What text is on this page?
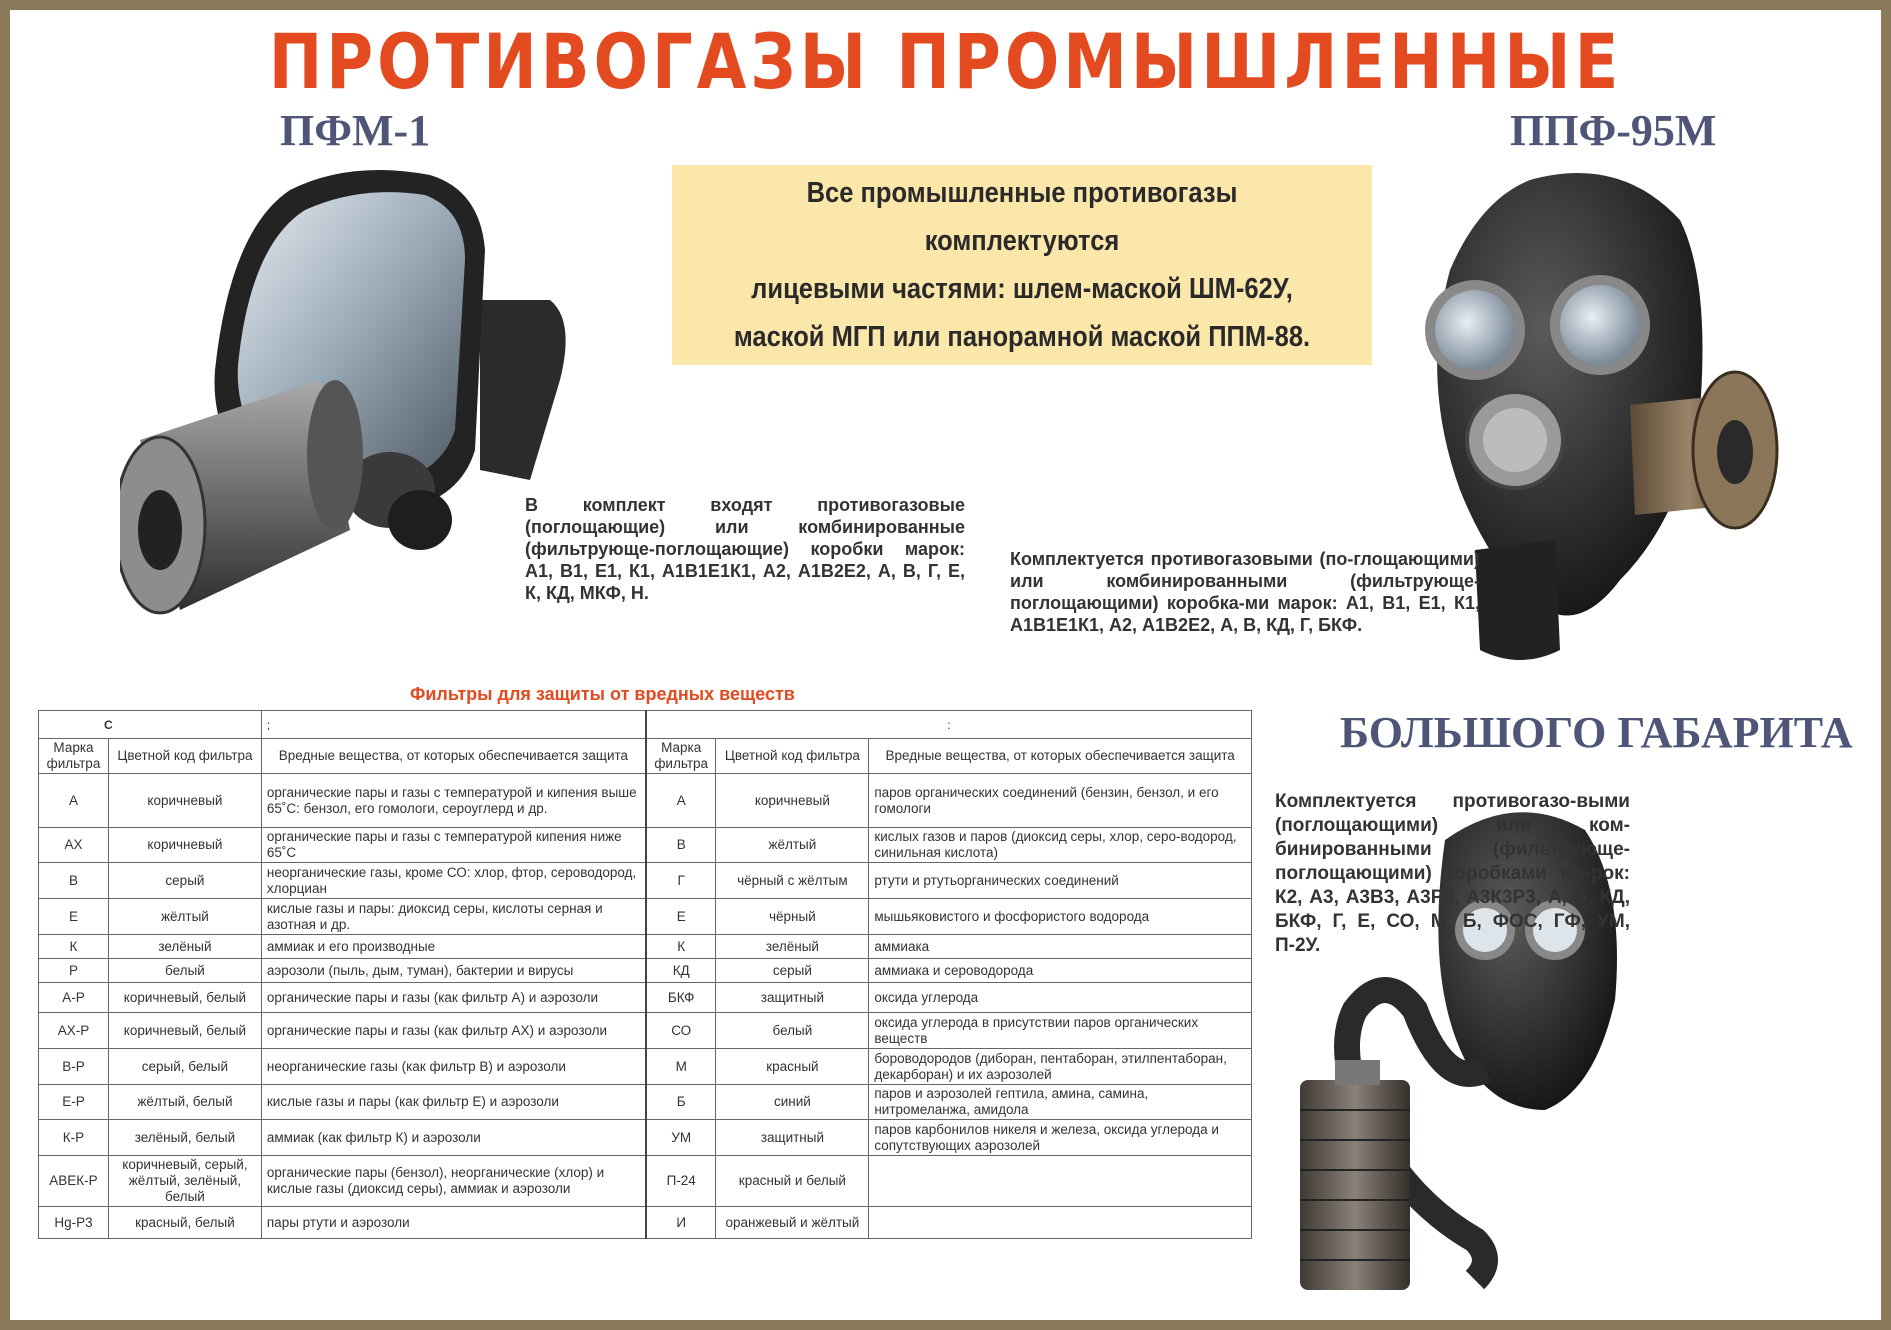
ПРОТИВОГАЗЫ ПРОМЫШЛЕННЫЕ
ПФМ-1	ППФ-95М
БОЛЬШОГО ГАБАРИТА
Все промышленные противогазы комплектуются
лицевыми частями: шлем-маской ШМ-62У,
маской МГП или панорамной маской ППМ-88.
В комплект входят противогазовые (поглощающие) или комбинированные (фильтрующе-поглощающие) коробки марок: А1, В1, Е1, К1, А1В1Е1К1, А2, А1В2Е2, А, В, Г, Е, К, КД, МКФ, Н.
Комплектуется противогазовыми (по-глощающими) или комбинированными (фильтрующе-поглощающими) коробка-ми марок: А1, В1, Е1, К1, А1В1Е1К1, А2, А1В2Е2, А, В, КД, Г, БКФ.
Комплектуется противогазо-выми (поглощающими) или ком-бинированными (фильтрующе-поглощающими) коробками ма-рок: К2, А3, А3В3, А3Р3, А3К3Р3, А, В, КД, БКФ, Г, Е, СО, М, Б, ФОС, ГФ, УМ, П-2У.
Фильтры для защиты от вредных веществ
С		;	:		
Марка фильтра	Цветной код фильтра	Вредные вещества, от которых обеспечивается защита	Марка фильтра	Цветной код фильтра	Вредные вещества, от которых обеспечивается защита
А	коричневый	органические пары и газы с температурой и кипения выше 65˚С: бензол, его гомологи, сероуглерд и др.	А	коричневый	паров органических соединений (бензин, бензол, и его гомологи
АХ	коричневый	органические пары и газы с температурой кипения ниже 65˚С	В	жёлтый	кислых газов и паров (диоксид серы, хлор, серо-водород, синильная кислота)
В	серый	неорганические газы, кроме СО: хлор, фтор, сероводород, хлорциан	Г	чёрный с жёлтым	ртути и ртутьорганических соединений
Е	жёлтый	кислые газы и пары: диоксид серы, кислоты серная и азотная и др.	Е	чёрный	мышьяковистого и фосфористого водорода
К	зелёный	аммиак и его производные	К	зелёный	аммиака
Р	белый	аэрозоли (пыль, дым, туман), бактерии и вирусы	КД	серый	аммиака и сероводорода
А-Р	коричневый, белый	органические пары и газы (как фильтр А) и аэрозоли	БКФ	защитный	оксида углерода
АХ-Р	коричневый, белый	органические пары и газы (как фильтр АХ) и аэрозоли	СО	белый	оксида углерода в присутствии паров органических веществ
В-Р	серый, белый	неорганические газы (как фильтр В) и аэрозоли	М	красный	бороводородов (диборан, пентаборан, этилпентаборан, декарборан) и их аэрозолей
Е-Р	жёлтый, белый	кислые газы и пары (как фильтр Е) и аэрозоли	Б	синий	паров и аэрозолей гептила, амина, самина, нитромеланжа, амидола
К-Р	зелёный, белый	аммиак (как фильтр К) и аэрозоли	УМ	защитный	паров карбонилов никеля и железа, оксида углерода и сопутствующих аэрозолей
АВЕК-Р	коричневый, серый, жёлтый, зелёный, белый	органические пары (бензол), неорганические (хлор) и кислые газы (диоксид серы), аммиак и аэрозоли	П-24	красный и белый	
Hg-P3	красный, белый	пары ртути и аэрозоли	И	оранжевый и жёлтый	
